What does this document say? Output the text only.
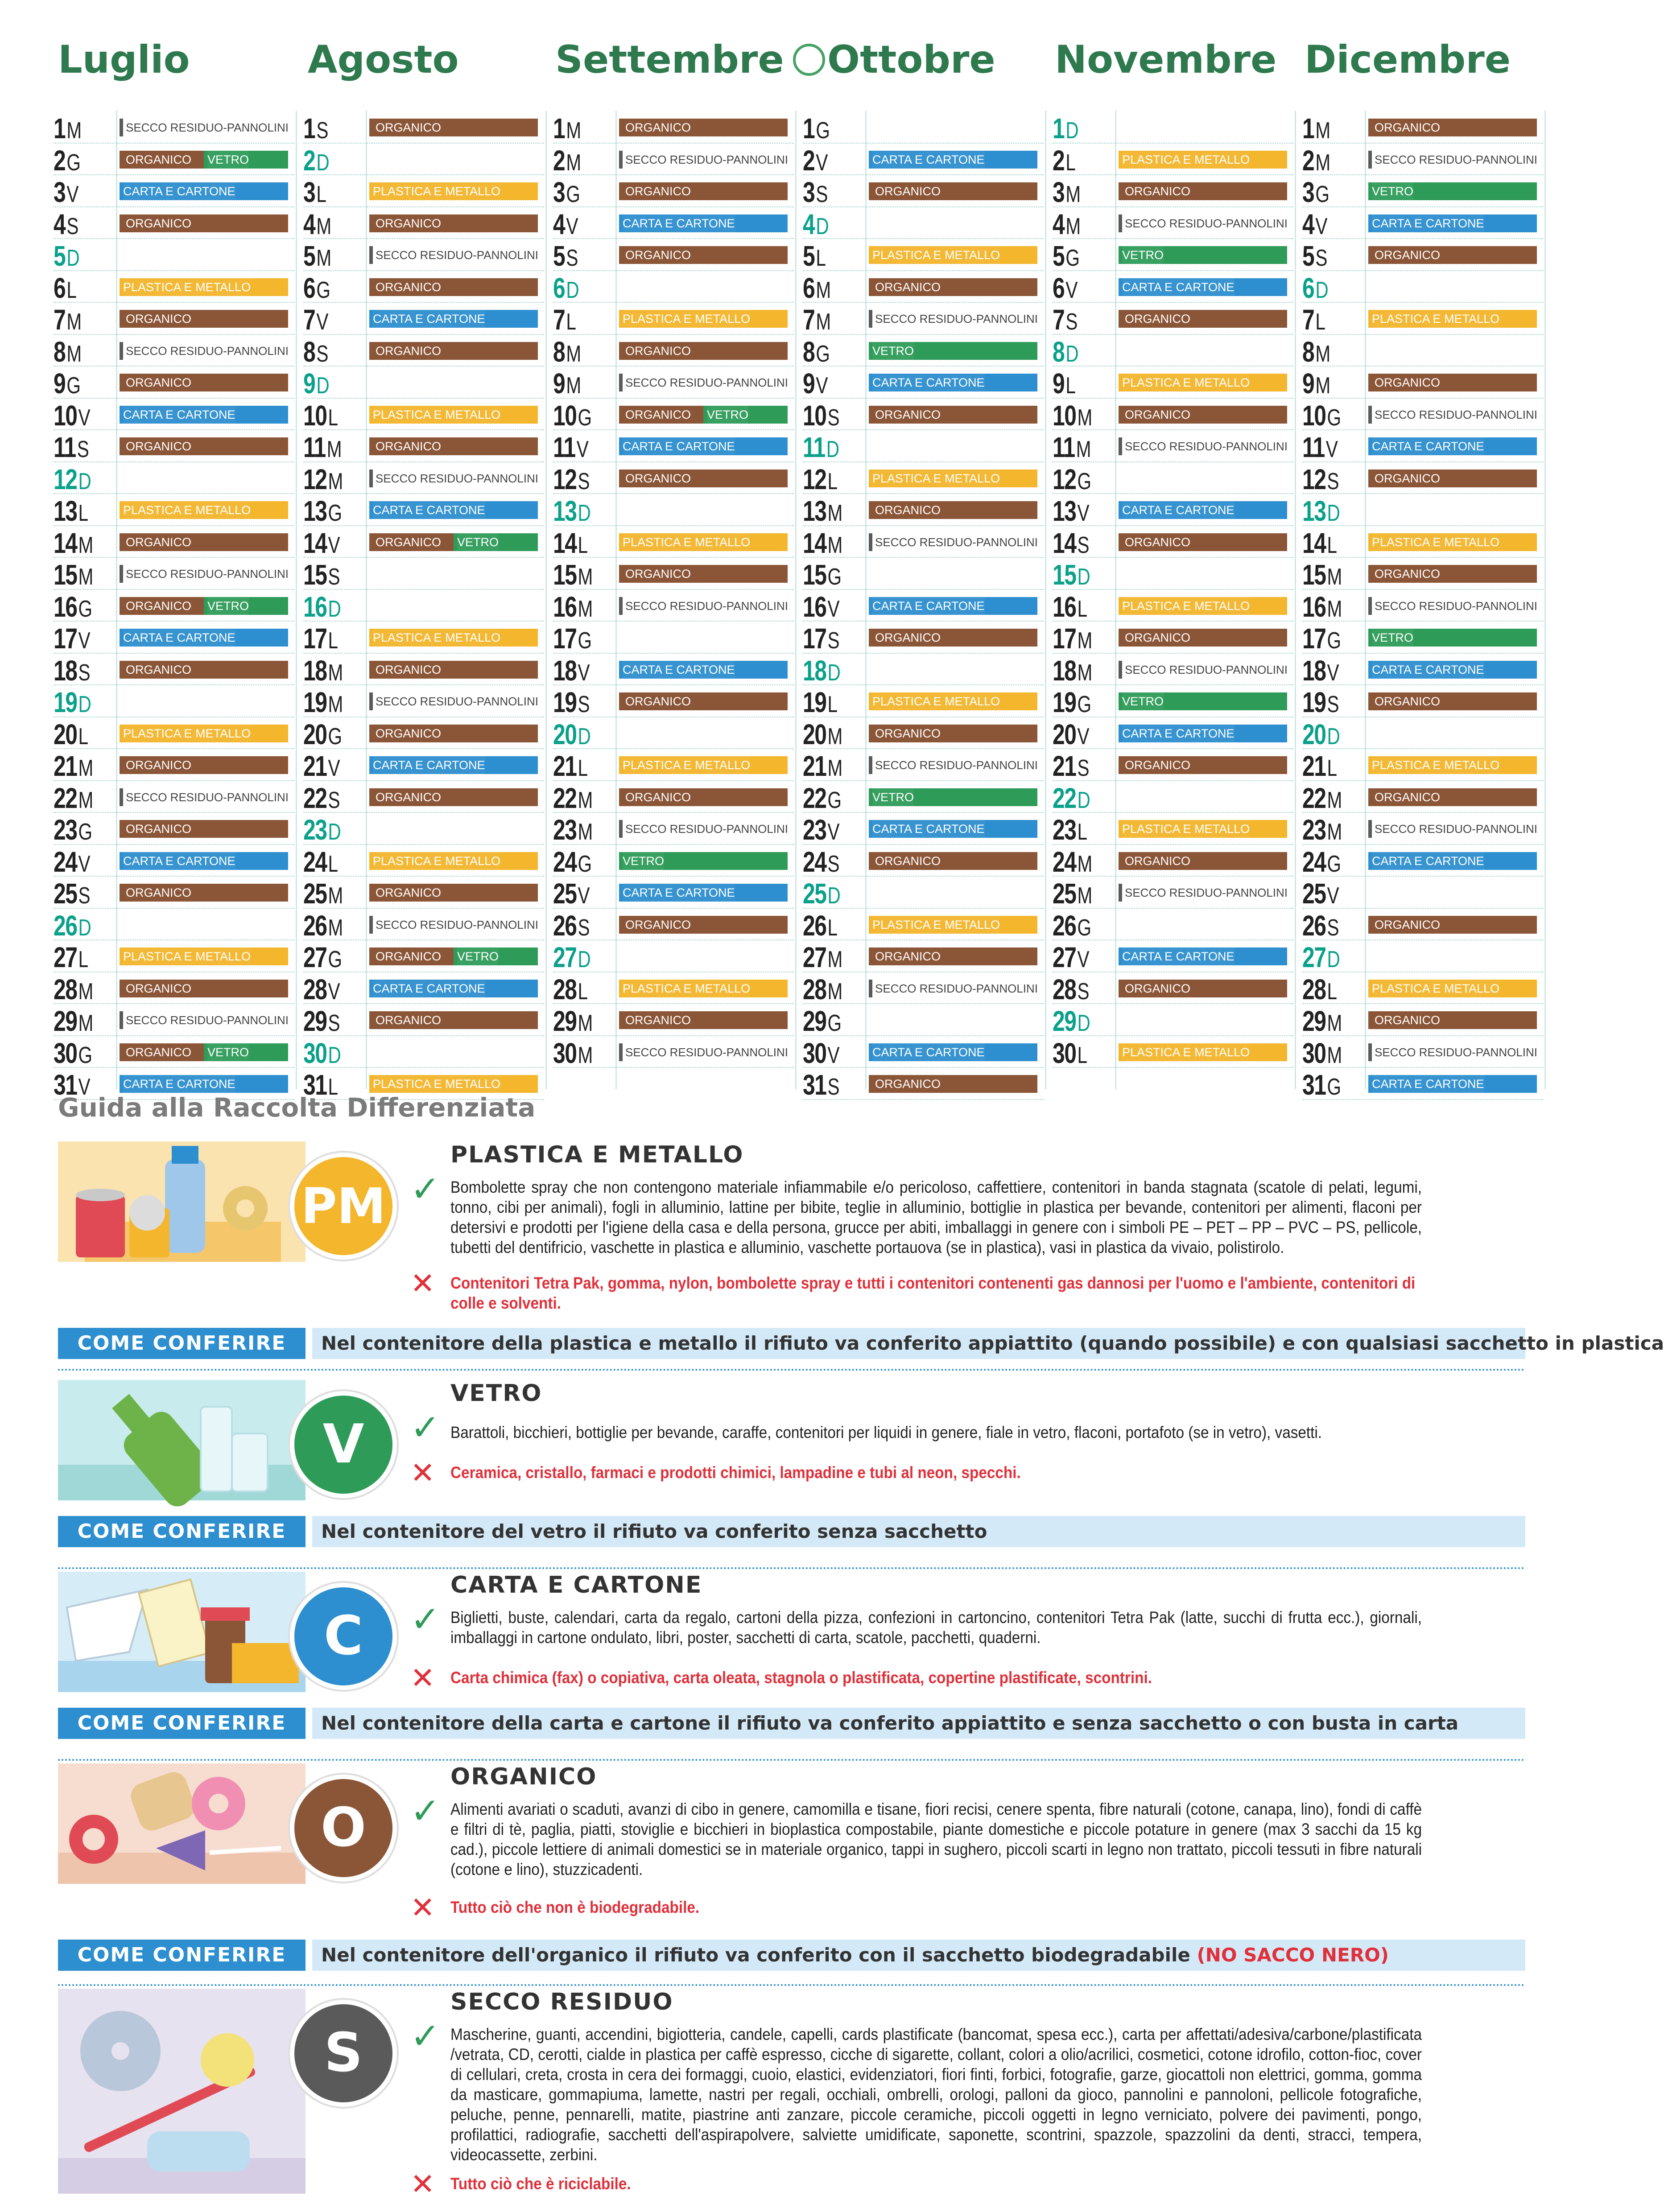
Luglio	Agosto	Settembre	Ottobre Novembre Dicembre
1M	SECCO RESIDUO-PANNOLINI
2G	ORGANICO	VETRO
3V	CARTA E CARTONE
4S	ORGANICO
5D
6L	PLASTICA E METALLO
7M	ORGANICO
8M	SECCO RESIDUO-PANNOLINI
9G	ORGANICO
10V	CARTA E CARTONE
11S	ORGANICO
12D
13L	PLASTICA E METALLO
14M	ORGANICO
15M	SECCO RESIDUO-PANNOLINI
16G	ORGANICO	VETRO
17V	CARTA E CARTONE
18S	ORGANICO
19D
20L	PLASTICA E METALLO
21M	ORGANICO
22M	SECCO RESIDUO-PANNOLINI
23G	ORGANICO
24V	CARTA E CARTONE
25S	ORGANICO
26D
27L	PLASTICA E METALLO
28M	ORGANICO
29M	SECCO RESIDUO-PANNOLINI
30G	ORGANICO	VETRO
31V	CARTA E CARTONE
1S	ORGANICO
2D
3L	PLASTICA E METALLO
4M	ORGANICO
5M	SECCO RESIDUO-PANNOLINI
6G	ORGANICO
7V	CARTA E CARTONE
8S	ORGANICO
9D
10L	PLASTICA E METALLO
11M	ORGANICO
12M	SECCO RESIDUO-PANNOLINI
13G	CARTA E CARTONE
14V	ORGANICO	VETRO
15S
16D
17L	PLASTICA E METALLO
18M	ORGANICO
19M	SECCO RESIDUO-PANNOLINI
20G	ORGANICO
21V	CARTA E CARTONE
22S	ORGANICO
23D
24L	PLASTICA E METALLO
25M	ORGANICO
26M	SECCO RESIDUO-PANNOLINI
27G	ORGANICO	VETRO
28V	CARTA E CARTONE
29S	ORGANICO
30D
31L	PLASTICA E METALLO
1M	ORGANICO
2M	SECCO RESIDUO-PANNOLINI
3G	ORGANICO
4V	CARTA E CARTONE
5S	ORGANICO
6D
7L	PLASTICA E METALLO
8M	ORGANICO
9M	SECCO RESIDUO-PANNOLINI
10G	ORGANICO	VETRO
11V	CARTA E CARTONE
12S	ORGANICO
13D
14L	PLASTICA E METALLO
15M	ORGANICO
16M	SECCO RESIDUO-PANNOLINI
17G
18V	CARTA E CARTONE
19S	ORGANICO
20D
21L	PLASTICA E METALLO
22M	ORGANICO
23M	SECCO RESIDUO-PANNOLINI
24G	VETRO
25V	CARTA E CARTONE
26S	ORGANICO
27D
28L	PLASTICA E METALLO
29M	ORGANICO
30M	SECCO RESIDUO-PANNOLINI
1G
2V	CARTA E CARTONE
3S	ORGANICO
4D
5L	PLASTICA E METALLO
6M	ORGANICO
7M	SECCO RESIDUO-PANNOLINI
8G	VETRO
9V	CARTA E CARTONE
10S	ORGANICO
11D
12L	PLASTICA E METALLO
13M	ORGANICO
14M	SECCO RESIDUO-PANNOLINI
15G
16V	CARTA E CARTONE
17S	ORGANICO
18D
19L	PLASTICA E METALLO
20M	ORGANICO
21M	SECCO RESIDUO-PANNOLINI
22G	VETRO
23V	CARTA E CARTONE
24S	ORGANICO
25D
26L	PLASTICA E METALLO
27M	ORGANICO
28M	SECCO RESIDUO-PANNOLINI
29G
30V	CARTA E CARTONE
31S	ORGANICO
1D
2L	PLASTICA E METALLO
3M	ORGANICO
4M	SECCO RESIDUO-PANNOLINI
5G	VETRO
6V	CARTA E CARTONE
7S	ORGANICO
8D
9L	PLASTICA E METALLO
10M	ORGANICO
11M	SECCO RESIDUO-PANNOLINI
12G
13V	CARTA E CARTONE
14S	ORGANICO
15D
16L	PLASTICA E METALLO
17M	ORGANICO
18M	SECCO RESIDUO-PANNOLINI
19G	VETRO
20V	CARTA E CARTONE
21S	ORGANICO
22D
23L	PLASTICA E METALLO
24M	ORGANICO
25M	SECCO RESIDUO-PANNOLINI
26G
27V	CARTA E CARTONE
28S	ORGANICO
29D
30L	PLASTICA E METALLO
1M	ORGANICO
2M	SECCO RESIDUO-PANNOLINI
3G	VETRO
4V	CARTA E CARTONE
5S	ORGANICO
6D
7L	PLASTICA E METALLO
8M
9M	ORGANICO
10G	SECCO RESIDUO-PANNOLINI
11V	CARTA E CARTONE
12S	ORGANICO
13D
14L	PLASTICA E METALLO
15M	ORGANICO
16M	SECCO RESIDUO-PANNOLINI
17G	VETRO
18V	CARTA E CARTONE
19S	ORGANICO
20D
21L	PLASTICA E METALLO
22M	ORGANICO
23M	SECCO RESIDUO-PANNOLINI
24G	CARTA E CARTONE
25V
26S	ORGANICO
27D
28L	PLASTICA E METALLO
29M	ORGANICO
30M	SECCO RESIDUO-PANNOLINI
31G	CARTA E CARTONE
Guida alla Raccolta Differenziata
PM
PLASTICA E METALLO
✓ Bombolette spray che non contengono materiale infiammabile e/o pericoloso, caffettiere, contenitori in banda stagnata (scatole di pelati, legumi, tonno, cibi per animali), fogli in alluminio, lattine per bibite, teglie in alluminio, bottiglie in plastica per bevande, contenitori per alimenti, flaconi per detersivi e prodotti per l'igiene della casa e della persona, grucce per abiti, imballaggi in genere con i simboli PE – PET – PP – PVC – PS, pellicole, tubetti del dentifricio, vaschette in plastica e alluminio, vaschette portauova (se in plastica), vasi in plastica da vivaio, polistirolo.
✕ Contenitori Tetra Pak, gomma, nylon, bombolette spray e tutti i contenitori contenenti gas dannosi per l'uomo e l'ambiente, contenitori di colle e solventi.
COME CONFERIRE	Nel contenitore della plastica e metallo il rifiuto va conferito appiattito (quando possibile) e con qualsiasi sacchetto in plastica
V
VETRO
✓ Barattoli, bicchieri, bottiglie per bevande, caraffe, contenitori per liquidi in genere, fiale in vetro, flaconi, portafoto (se in vetro), vasetti.
✕ Ceramica, cristallo, farmaci e prodotti chimici, lampadine e tubi al neon, specchi.
COME CONFERIRE	Nel contenitore del vetro il rifiuto va conferito senza sacchetto
C
CARTA E CARTONE
✓ Biglietti, buste, calendari, carta da regalo, cartoni della pizza, confezioni in cartoncino, contenitori Tetra Pak (latte, succhi di frutta ecc.), giornali, imballaggi in cartone ondulato, libri, poster, sacchetti di carta, scatole, pacchetti, quaderni.
✕ Carta chimica (fax) o copiativa, carta oleata, stagnola o plastificata, copertine plastificate, scontrini.
COME CONFERIRE	Nel contenitore della carta e cartone il rifiuto va conferito appiattito e senza sacchetto o con busta in carta
O
ORGANICO
✓ Alimenti avariati o scaduti, avanzi di cibo in genere, camomilla e tisane, fiori recisi, cenere spenta, fibre naturali (cotone, canapa, lino), fondi di caffè e filtri di tè, paglia, piatti, stoviglie e bicchieri in bioplastica compostabile, piante domestiche e piccole potature in genere (max 3 sacchi da 15 kg cad.), piccole lettiere di animali domestici se in materiale organico, tappi in sughero, piccoli scarti in legno non trattato, piccoli tessuti in fibre naturali (cotone e lino), stuzzicadenti.
✕ Tutto ciò che non è biodegradabile.
COME CONFERIRE	Nel contenitore dell'organico il rifiuto va conferito con il sacchetto biodegradabile (NO SACCO NERO)
S
SECCO RESIDUO
✓ Mascherine, guanti, accendini, bigiotteria, candele, capelli, cards plastificate (bancomat, spesa ecc.), carta per affettati/adesiva/carbone/plastificata /vetrata, CD, cerotti, cialde in plastica per caffè espresso, cicche di sigarette, collant, colori a olio/acrilici, cosmetici, cotone idrofilo, cotton-fioc, cover di cellulari, creta, crosta in cera dei formaggi, cuoio, elastici, evidenziatori, fiori finti, forbici, fotografie, garze, giocattoli non elettrici, gomma, gomma da masticare, gommapiuma, lamette, nastri per regali, occhiali, ombrelli, orologi, palloni da gioco, pannolini e pannoloni, pellicole fotografiche, peluche, penne, pennarelli, matite, piastrine anti zanzare, piccole ceramiche, piccoli oggetti in legno verniciato, polvere dei pavimenti, pongo, profilattici, radiografie, sacchetti dell'aspirapolvere, salviette umidificate, saponette, scontrini, spazzole, spazzolini da denti, stracci, tempera, videocassette, zerbini.
✕ Tutto ciò che è riciclabile.
